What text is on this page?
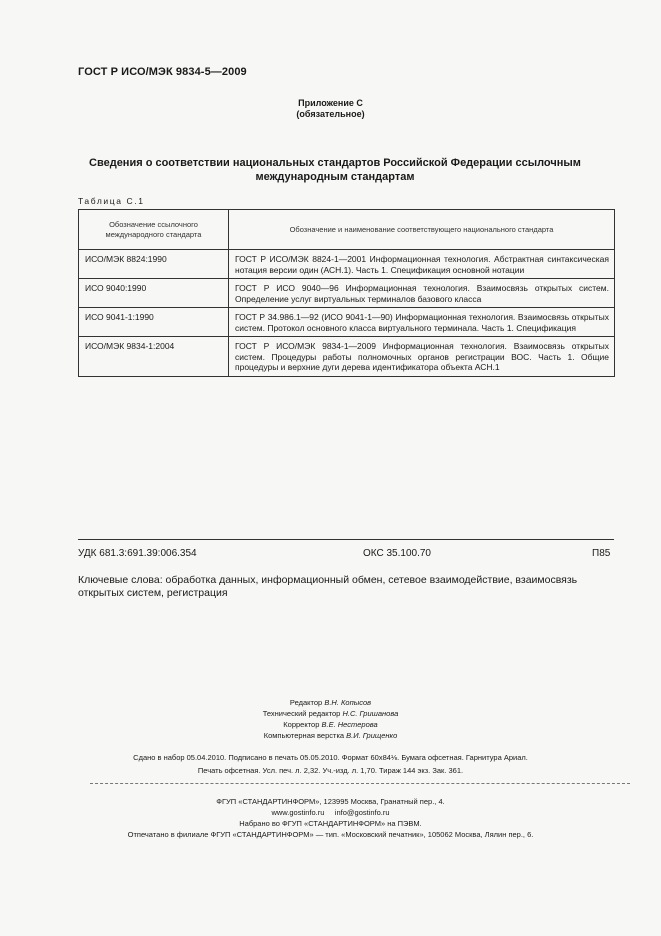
ГОСТ Р ИСО/МЭК 9834-5—2009
Приложение С
(обязательное)
Сведения о соответствии национальных стандартов Российской Федерации ссылочным
международным стандартам
Таблица С.1
Обозначение ссылочного международного стандарта	Обозначение и наименование соответствующего национального стандарта
ИСО/МЭК 8824:1990	ГОСТ Р ИСО/МЭК 8824-1—2001 Информационная технология. Абстрактная синтаксическая нотация версии один (АСН.1). Часть 1. Спецификация основной нотации
ИСО 9040:1990	ГОСТ Р ИСО 9040—96 Информационная технология. Взаимосвязь открытых систем. Определение услуг виртуальных терминалов базового класса
ИСО 9041-1:1990	ГОСТ Р 34.986.1—92 (ИСО 9041-1—90) Информационная технология. Взаимосвязь открытых систем. Протокол основного класса виртуального терминала. Часть 1. Спецификация
ИСО/МЭК 9834-1:2004	ГОСТ Р ИСО/МЭК 9834-1—2009 Информационная технология. Взаимосвязь открытых систем. Процедуры работы полномочных органов регистрации ВОС. Часть 1. Общие процедуры и верхние дуги дерева идентификатора объекта АСН.1
УДК 681.3:691.39:006.354	ОКС 35.100.70	П85
Ключевые слова: обработка данных, информационный обмен, сетевое взаимодействие, взаимосвязь открытых систем, регистрация
Редактор В.Н. Копысов
Технический редактор Н.С. Гришанова
Корректор В.Е. Нестерова
Компьютерная верстка В.И. Грищенко
Сдано в набор 05.04.2010. Подписано в печать 05.05.2010. Формат 60x84⅛. Бумага офсетная. Гарнитура Ариал.
Печать офсетная. Усл. печ. л. 2,32. Уч.-изд. л. 1,70. Тираж 144 экз. Зак. 361.
ФГУП «СТАНДАРТИНФОРМ», 123995 Москва, Гранатный пер., 4.
www.gostinfo.ru     info@gostinfo.ru
Набрано во ФГУП «СТАНДАРТИНФОРМ» на ПЭВМ.
Отпечатано в филиале ФГУП «СТАНДАРТИНФОРМ» — тип. «Московский печатник», 105062 Москва, Лялин пер., 6.
